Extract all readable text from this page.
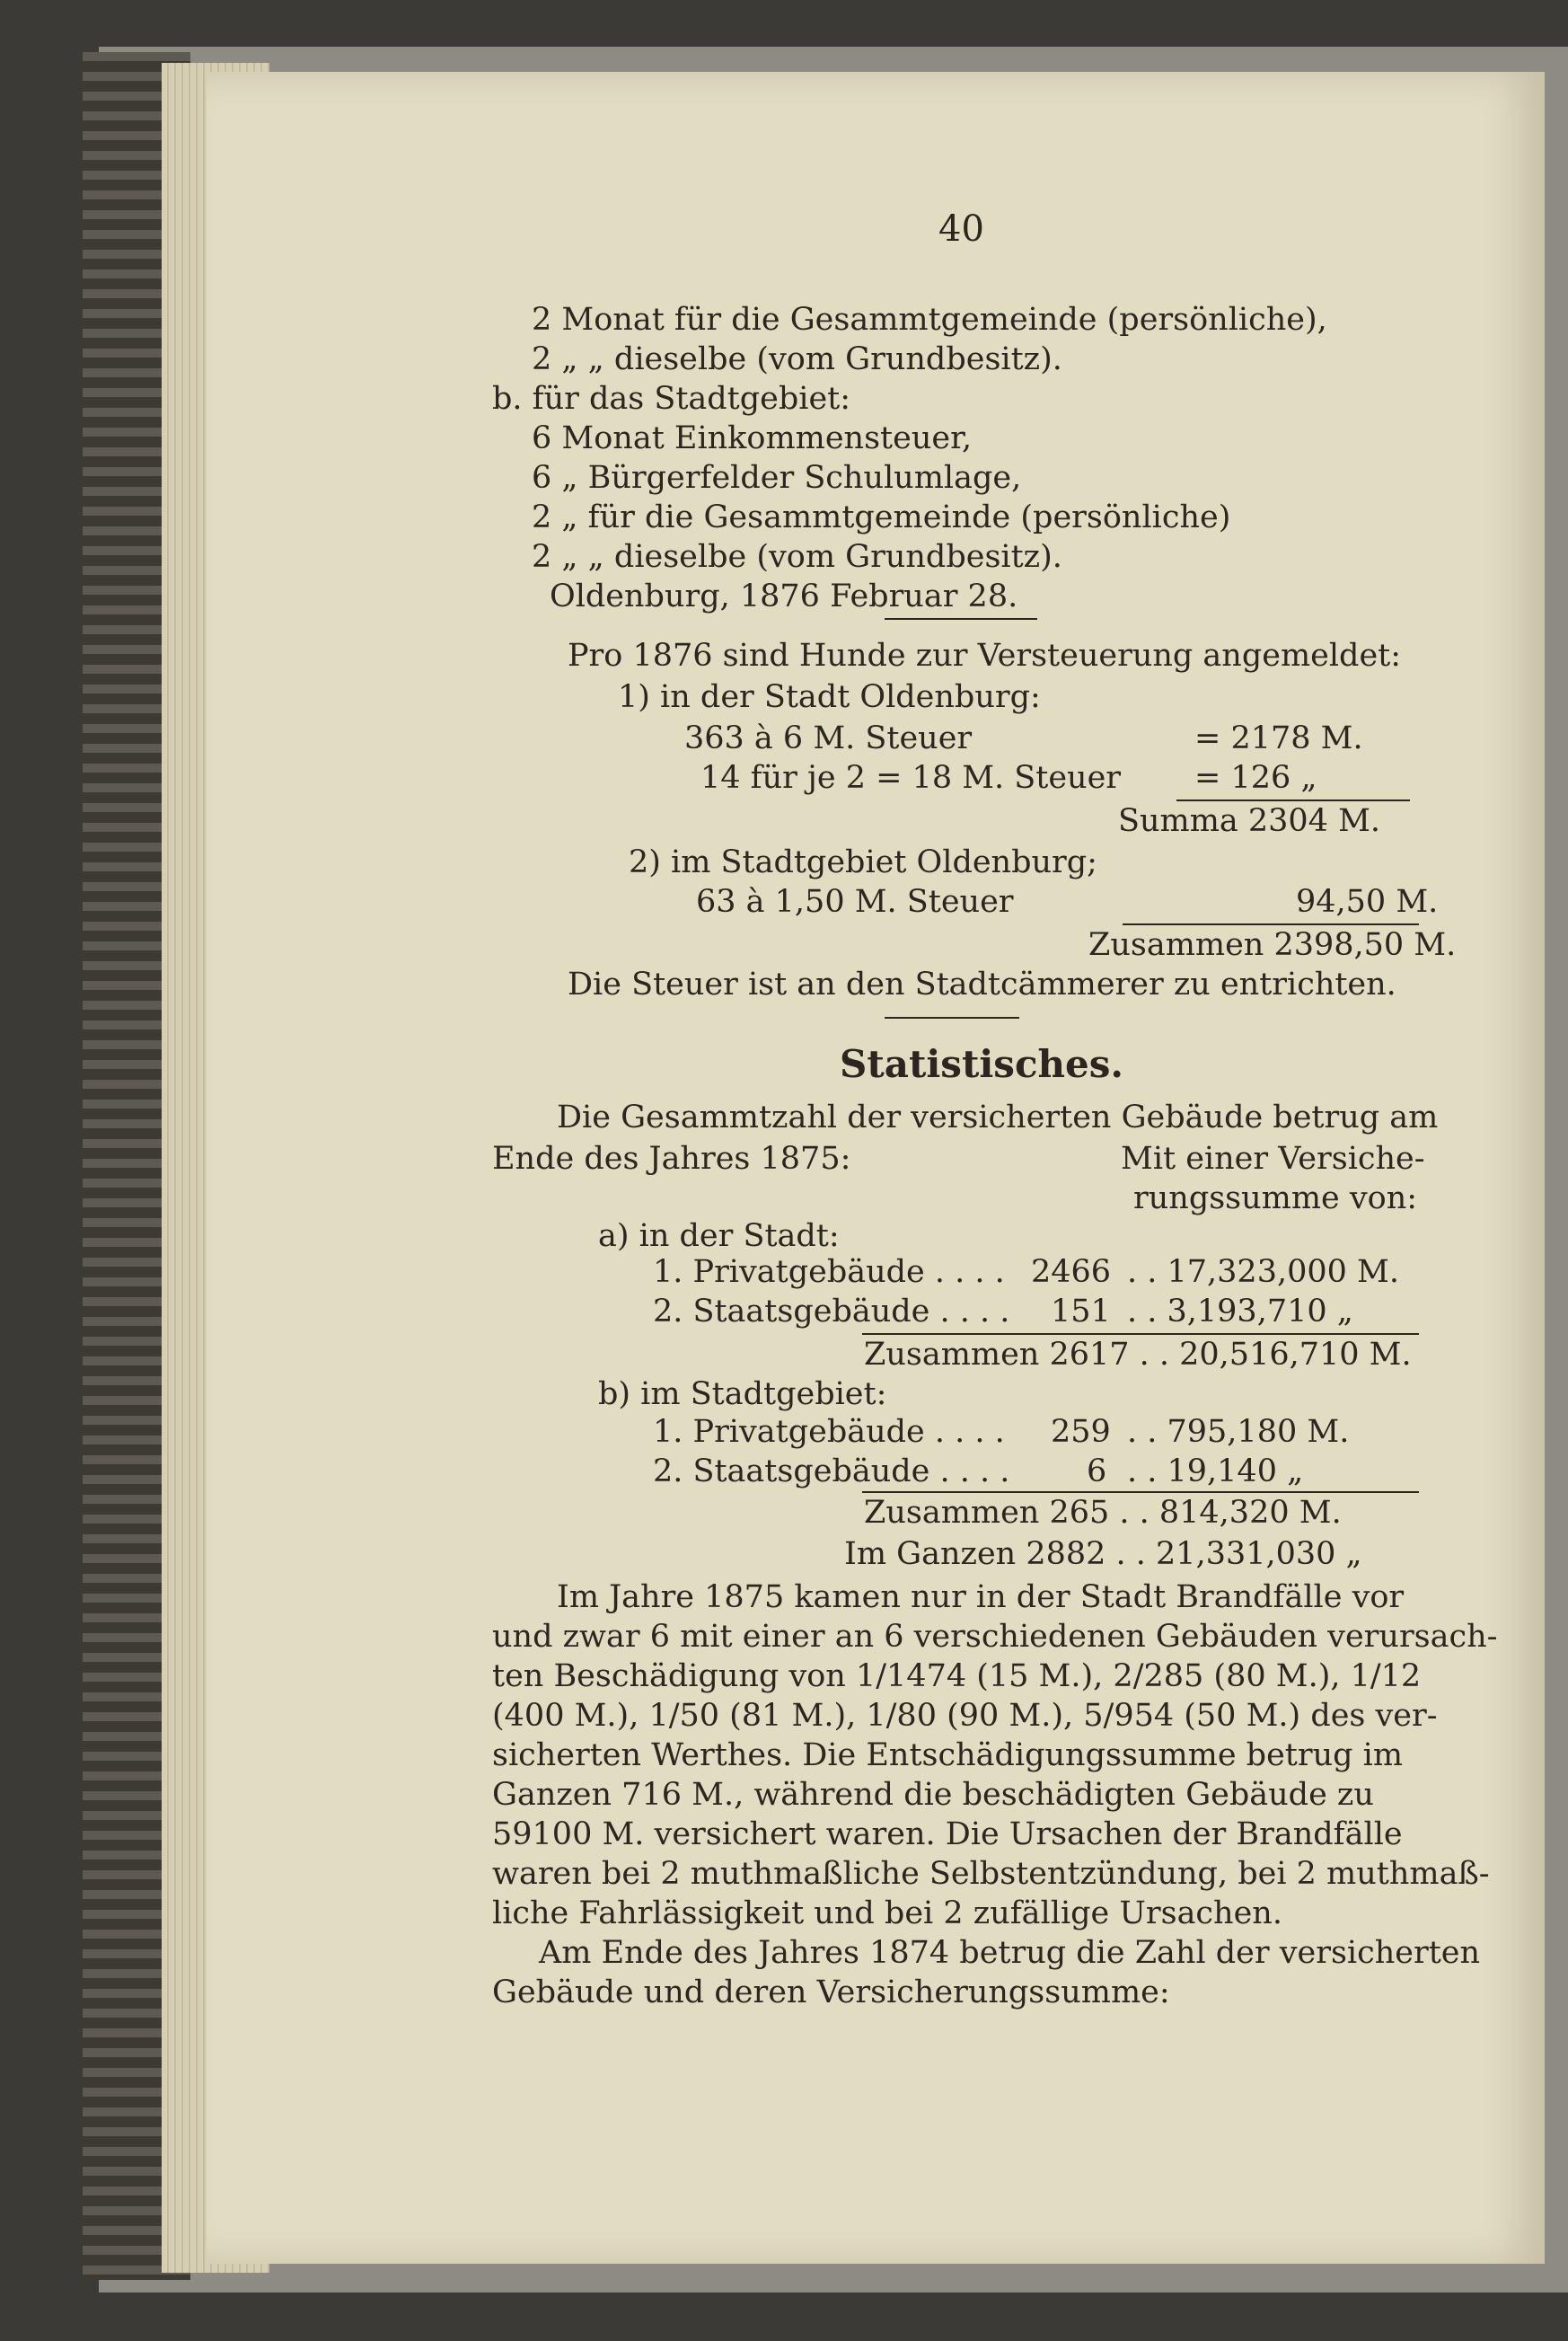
40
2 Monat für die Gesammtgemeinde (persönliche),
2 „ „ dieselbe (vom Grundbesitz).
b. für das Stadtgebiet:
6 Monat Einkommensteuer,
6 „ Bürgerfelder Schulumlage,
2 „ für die Gesammtgemeinde (persönliche)
2 „ „ dieselbe (vom Grundbesitz).
Oldenburg, 1876 Februar 28.
Pro 1876 sind Hunde zur Versteuerung angemeldet:
1) in der Stadt Oldenburg:
363 à 6 M. Steuer	= 2178 M.
14 für je 2 = 18 M. Steuer = 126 „
Summa 2304 M.
2) im Stadtgebiet Oldenburg;
63 à 1,50 M. Steuer	94,50 M.
Zusammen 2398,50 M.
Die Steuer ist an den Stadtcämmerer zu entrichten.
Statistisches.
Die Gesammtzahl der versicherten Gebäude betrug am
Ende des Jahres 1875:	Mit einer Versiche-
rungssumme von:
a) in der Stadt:
1. Privatgebäude . . . . 2466 . . 17,323,000 M.
2. Staatsgebäude . . . . 151 . . 3,193,710 „
Zusammen 2617 . . 20,516,710 M.
b) im Stadtgebiet:
1. Privatgebäude . . . . 259 . . 795,180 M.
2. Staatsgebäude . . . . 6 . . 19,140 „
Zusammen 265 . . 814,320 M.
Im Ganzen 2882 . . 21,331,030 „
Im Jahre 1875 kamen nur in der Stadt Brandfälle vor
und zwar 6 mit einer an 6 verschiedenen Gebäuden verursach-
ten Beschädigung von 1/1474 (15 M.), 2/285 (80 M.), 1/12
(400 M.), 1/50 (81 M.), 1/80 (90 M.), 5/954 (50 M.) des ver-
sicherten Werthes. Die Entschädigungssumme betrug im
Ganzen 716 M., während die beschädigten Gebäude zu
59100 M. versichert waren. Die Ursachen der Brandfälle
waren bei 2 muthmaßliche Selbstentzündung, bei 2 muthmaß-
liche Fahrlässigkeit und bei 2 zufällige Ursachen.
Am Ende des Jahres 1874 betrug die Zahl der versicherten
Gebäude und deren Versicherungssumme:
